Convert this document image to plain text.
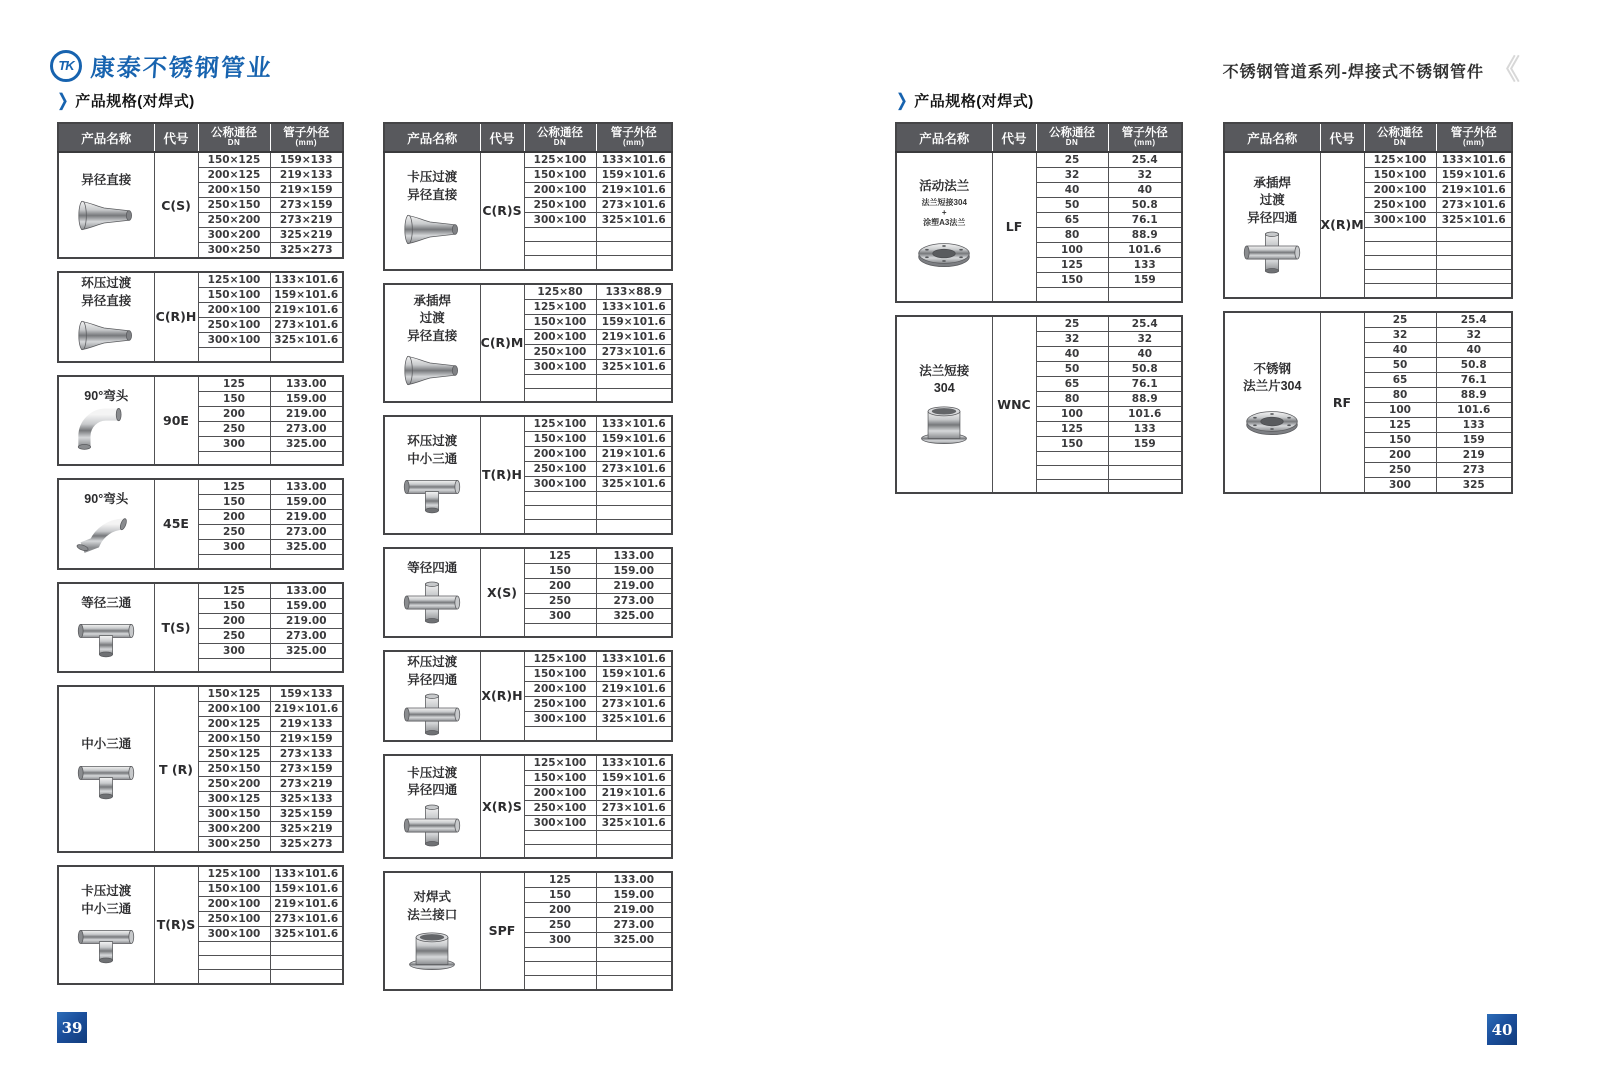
TK 康泰不锈钢管业	不锈钢管道系列-焊接式不锈钢管件 《
❯ 产品规格(对焊式)	❯ 产品规格(对焊式)
产品名称	代号	公称通径
DN	管子外径
(mm)

异径直接	C(S)	150×125	159×133
		200×125	219×133
		200×150	219×159
		250×150	273×159
		250×200	273×219
		300×200	325×219
		300×250	325×273
环压过渡
异径直接	C(R)H	125×100	133×101.6
		150×100	159×101.6
		200×100	219×101.6
		250×100	273×101.6
		300×100	325×101.6

90°弯头	90E	125	133.00
		150	159.00
		200	219.00
		250	273.00
		300	325.00

90°弯头	45E	125	133.00
		150	159.00
		200	219.00
		250	273.00
		300	325.00

等径三通	T(S)	125	133.00
		150	159.00
		200	219.00
		250	273.00
		300	325.00

中小三通	T (R)	150×125	159×133
		200×100	219×101.6
		200×125	219×133
		200×150	219×159
		250×125	273×133
		250×150	273×159
		250×200	273×219
		300×125	325×133
		300×150	325×159
		300×200	325×219
		300×250	325×273
卡压过渡
中小三通	T(R)S	125×100	133×101.6
		150×100	159×101.6
		200×100	219×101.6
		250×100	273×101.6
		300×100	325×101.6

产品名称	代号	公称通径
DN	管子外径
(mm)

卡压过渡
异径直接	C(R)S	125×100	133×101.6
		150×100	159×101.6
		200×100	219×101.6
		250×100	273×101.6
		300×100	325×101.6

承插焊
过渡
异径直接	C(R)M	125×80	133×88.9
		125×100	133×101.6
		150×100	159×101.6
		200×100	219×101.6
		250×100	273×101.6
		300×100	325×101.6

环压过渡
中小三通	T(R)H	125×100	133×101.6
		150×100	159×101.6
		200×100	219×101.6
		250×100	273×101.6
		300×100	325×101.6

等径四通	X(S)	125	133.00
		150	159.00
		200	219.00
		250	273.00
		300	325.00

环压过渡
异径四通	X(R)H	125×100	133×101.6
		150×100	159×101.6
		200×100	219×101.6
		250×100	273×101.6
		300×100	325×101.6

卡压过渡
异径四通	X(R)S	125×100	133×101.6
		150×100	159×101.6
		200×100	219×101.6
		250×100	273×101.6
		300×100	325×101.6

对焊式
法兰接口	SPF	125	133.00
		150	159.00
		200	219.00
		250	273.00
		300	325.00

产品名称	代号	公称通径
DN	管子外径
(mm)

活动法兰
法兰短接304
+
涂塑A3法兰	LF	25	25.4
		32	32
		40	40
		50	50.8
		65	76.1
		80	88.9
		100	101.6
		125	133
		150	159

法兰短接
304	WNC	25	25.4
		32	32
		40	40
		50	50.8
		65	76.1
		80	88.9
		100	101.6
		125	133
		150	159

产品名称	代号	公称通径
DN	管子外径
(mm)

承插焊
过渡
异径四通	X(R)M	125×100	133×101.6
		150×100	159×101.6
		200×100	219×101.6
		250×100	273×101.6
		300×100	325×101.6

不锈钢
法兰片304	RF	25	25.4
		32	32
		40	40
		50	50.8
		65	76.1
		80	88.9
		100	101.6
		125	133
		150	159
		200	219
		250	273
		300	325
39	40
